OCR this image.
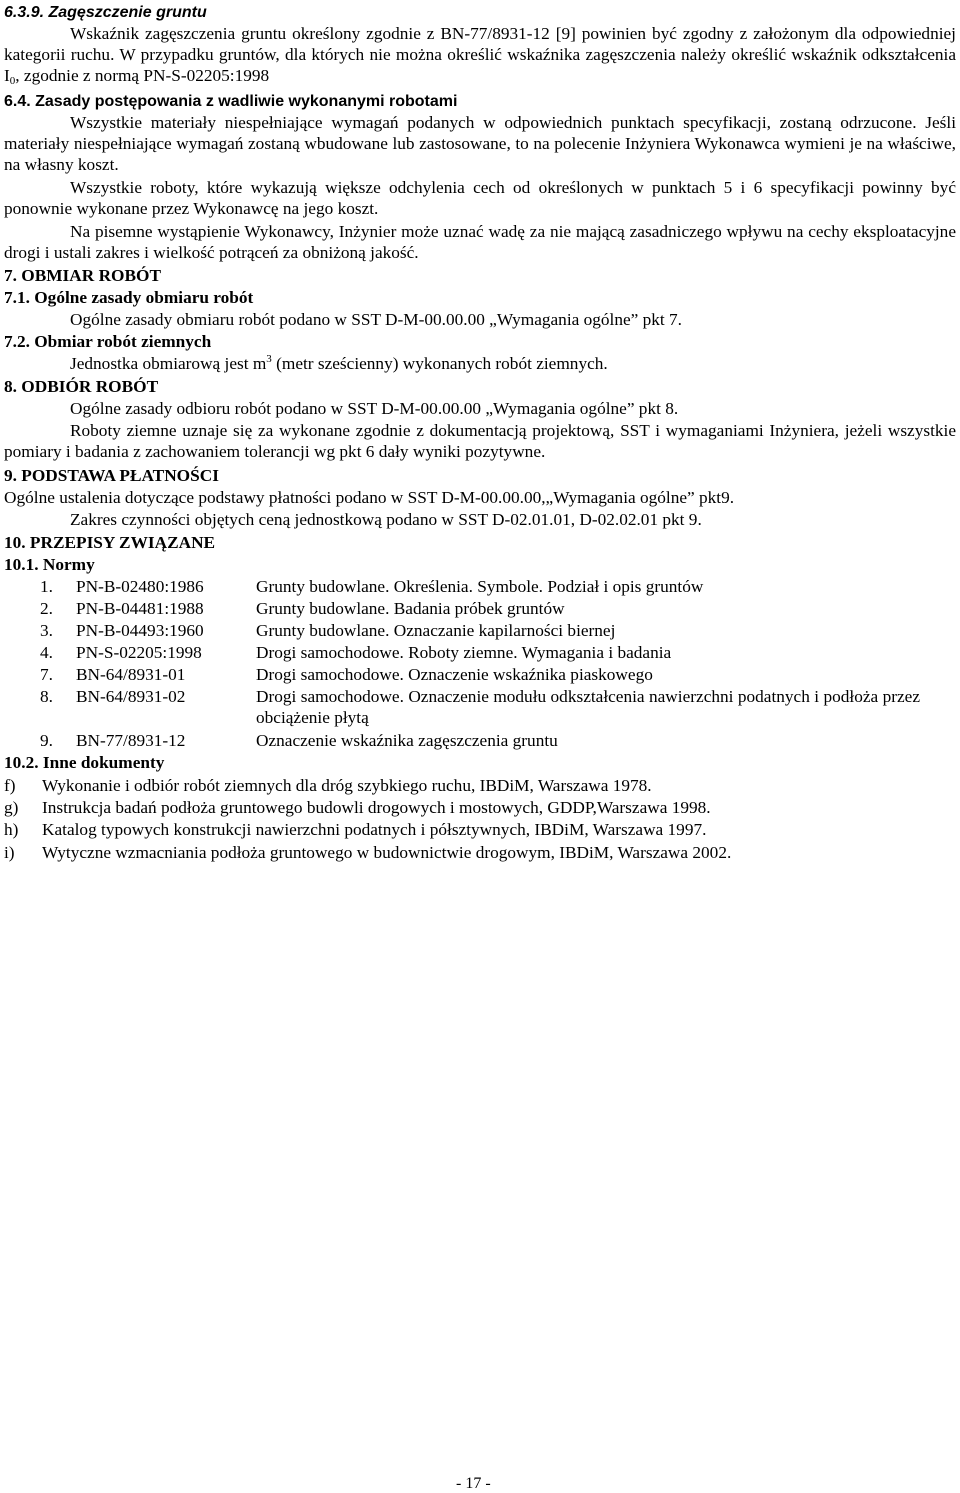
6.3.9. Zagęszczenie gruntu
Wskaźnik zagęszczenia gruntu określony zgodnie z BN-77/8931-12 [9] powinien być zgodny z założonym dla odpowiedniej kategorii ruchu. W przypadku gruntów, dla których nie można określić wskaźnika zagęszczenia należy określić wskaźnik odkształcenia $I_0$, zgodnie z normą PN-S-02205:1998
6.4. Zasady postępowania z wadliwie wykonanymi robotami
Wszystkie materiały niespełniające wymagań podanych w odpowiednich punktach specyfikacji, zostaną odrzucone. Jeśli materiały niespełniające wymagań zostaną wbudowane lub zastosowane, to na polecenie Inżyniera Wykonawca wymieni je na właściwe, na własny koszt.
Wszystkie roboty, które wykazują większe odchylenia cech od określonych w punktach 5 i 6 specyfikacji powinny być ponownie wykonane przez Wykonawcę na jego koszt.
Na pisemne wystąpienie Wykonawcy, Inżynier może uznać wadę za nie mającą zasadniczego wpływu na cechy eksploatacyjne drogi i ustali zakres i wielkość potrąceń za obniżoną jakość.
7. OBMIAR ROBÓT
7.1. Ogólne zasady obmiaru robót
Ogólne zasady obmiaru robót podano w SST D-M-00.00.00 „Wymagania ogólne” pkt 7.
7.2. Obmiar robót ziemnych
Jednostka obmiarową jest $m^3$ (metr sześcienny) wykonanych robót ziemnych.
8. ODBIÓR ROBÓT
Ogólne zasady odbioru robót podano w SST D-M-00.00.00 „Wymagania ogólne” pkt 8.
Roboty ziemne uznaje się za wykonane zgodnie z dokumentacją projektową, SST i wymaganiami Inżyniera, jeżeli wszystkie pomiary i badania z zachowaniem tolerancji wg pkt 6 dały wyniki pozytywne.
9. PODSTAWA PŁATNOŚCI
Ogólne ustalenia dotyczące podstawy płatności podano w SST D-M-00.00.00,„Wymagania ogólne” pkt9.
Zakres czynności objętych ceną jednostkową podano w SST D-02.01.01, D-02.02.01 pkt 9.
10. PRZEPISY ZWIĄZANE
10.1. Normy
1. PN-B-02480:1986	Grunty budowlane. Określenia. Symbole. Podział i opis gruntów
2. PN-B-04481:1988	Grunty budowlane. Badania próbek gruntów
3. PN-B-04493:1960	Grunty budowlane. Oznaczanie kapilarności biernej
4. PN-S-02205:1998	Drogi samochodowe. Roboty ziemne. Wymagania i badania
7. BN-64/8931-01	Drogi samochodowe. Oznaczenie wskaźnika piaskowego
8. BN-64/8931-02	Drogi samochodowe. Oznaczenie modułu odkształcenia nawierzchni podatnych i podłoża przez obciążenie płytą
9. BN-77/8931-12	Oznaczenie wskaźnika zagęszczenia gruntu
10.2. Inne dokumenty
f) Wykonanie i odbiór robót ziemnych dla dróg szybkiego ruchu, IBDiM, Warszawa 1978.
g) Instrukcja badań podłoża gruntowego budowli drogowych i mostowych, GDDP,Warszawa 1998.
h) Katalog typowych konstrukcji nawierzchni podatnych i półsztywnych, IBDiM, Warszawa 1997.
i) Wytyczne wzmacniania podłoża gruntowego w budownictwie drogowym, IBDiM, Warszawa 2002.
- 17 -
